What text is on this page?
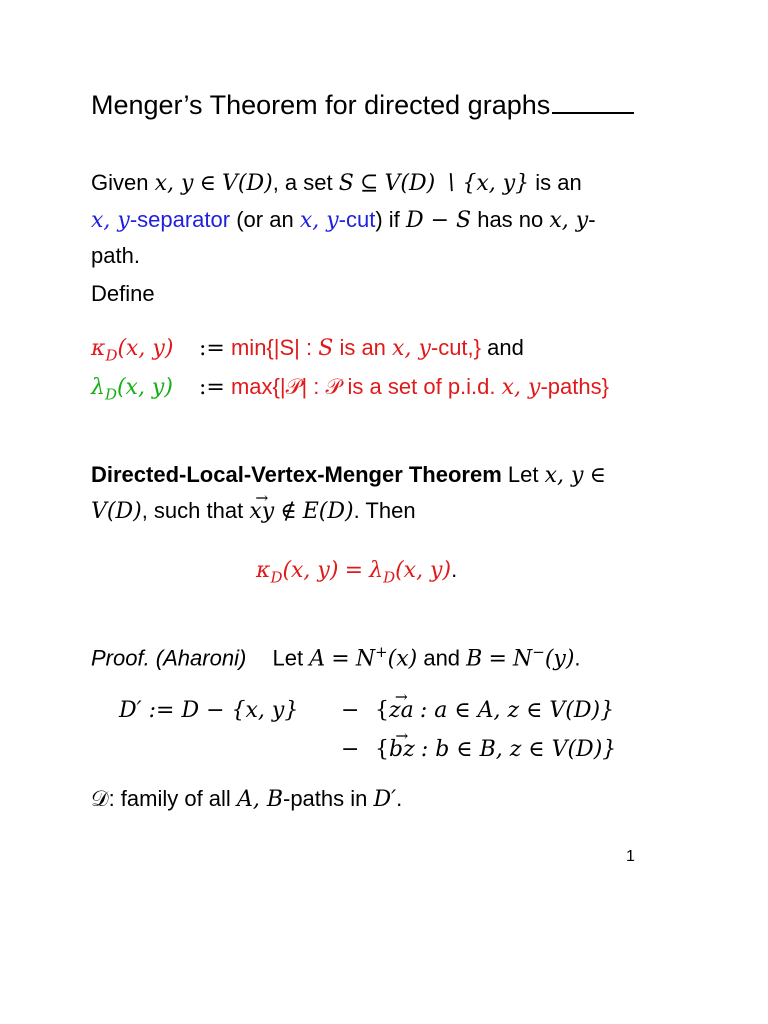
Menger’s Theorem for directed graphs
Given x, y ∈ V(D), a set S ⊆ V(D) ∖ {x, y} is an
x, y-separator (or an x, y-cut) if D − S has no x, y-
path.
Define
$\kappa_D(x$, y) := min{|S| : S is an x, y-cut,} and
$\lambda_D(x$, y) := max{|𝒫| : 𝒫 is a set of p.i.d. x, y-paths}
Directed-Local-Vertex-Menger Theorem Let x, y ∈
V(D), such that → xy ∉ E(D). Then
$\kappa_D(x$, $y) = \lambda_D(x$, y).
Proof. (Aharoni) Let A = N+(x) and B = N−(y).
D′ := D − {x, y} − {→ za : a ∈ A, z ∈ V(D)}
− {→ bz : b ∈ B, z ∈ V(D)}
𝒟: family of all A, B-paths in D′.
1
